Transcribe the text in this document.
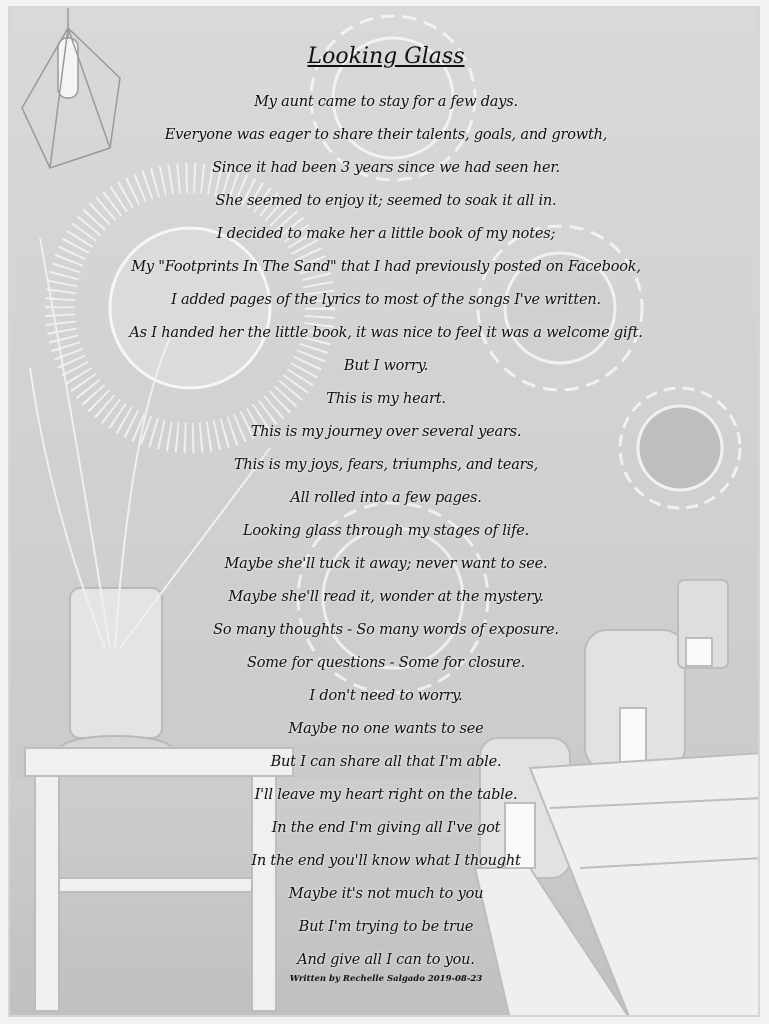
Looking Glass
My aunt came to stay for a few days.
Everyone was eager to share their talents, goals, and growth,
Since it had been 3 years since we had seen her.
She seemed to enjoy it; seemed to soak it all in.
I decided to make her a little book of my notes;
My "Footprints In The Sand" that I had previously posted on Facebook,
I added pages of the lyrics to most of the songs I've written.
As I handed her the little book, it was nice to feel it was a welcome gift.
But I worry.
This is my heart.
This is my journey over several years.
This is my joys, fears, triumphs, and tears,
All rolled into a few pages.
Looking glass through my stages of life.
Maybe she'll tuck it away; never want to see.
Maybe she'll read it, wonder at the mystery.
So many thoughts - So many words of exposure.
Some for questions - Some for closure.
I don't need to worry.
Maybe no one wants to see
But I can share all that I'm able.
I'll leave my heart right on the table.
In the end I'm giving all I've got
In the end you'll know what I thought
Maybe it's not much to you
But I'm trying to be true
And give all I can to you.
Written by Rechelle Salgado 2019-08-23
